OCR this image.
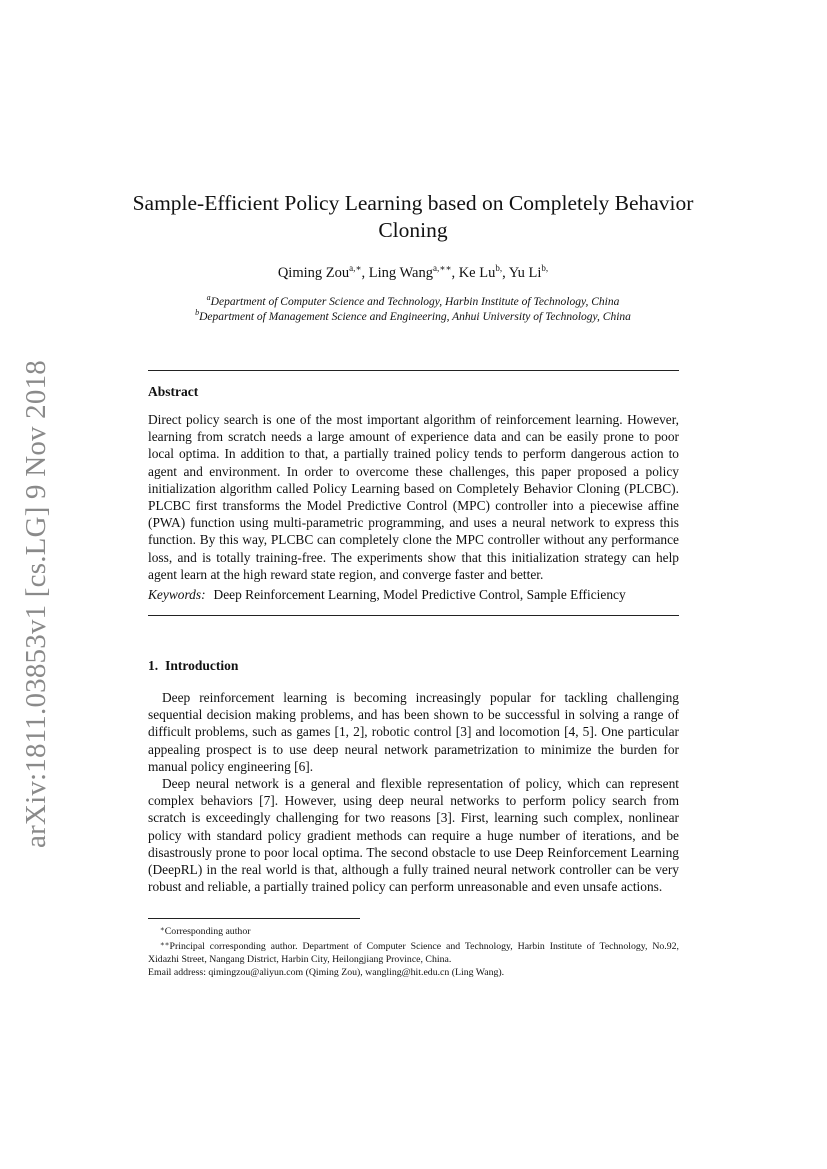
arXiv:1811.03853v1 [cs.LG] 9 Nov 2018
Sample-Efficient Policy Learning based on Completely Behavior Cloning
Qiming Zou$^{a,∗}$, Ling Wang$^{a,∗∗}$, Ke $Lu^{b,}$, Yu $Li^{b,}$
$^a$Department of Computer Science and Technology, Harbin Institute of Technology, China
$^b$Department of Management Science and Engineering, Anhui University of Technology, China
Abstract
Direct policy search is one of the most important algorithm of reinforcement learning. However, learning from scratch needs a large amount of experience data and can be easily prone to poor local optima. In addition to that, a partially trained policy tends to perform dangerous action to agent and environment. In order to overcome these challenges, this paper proposed a policy initialization algorithm called Policy Learning based on Completely Behavior Cloning (PLCBC). PLCBC first transforms the Model Predictive Control (MPC) controller into a piecewise affine (PWA) function using multi-parametric programming, and uses a neural network to express this function. By this way, PLCBC can completely clone the MPC controller without any performance loss, and is totally training-free. The experiments show that this initialization strategy can help agent learn at the high reward state region, and converge faster and better.
Keywords: Deep Reinforcement Learning, Model Predictive Control, Sample Efficiency
1. Introduction
Deep reinforcement learning is becoming increasingly popular for tackling challenging sequential decision making problems, and has been shown to be successful in solving a range of difficult problems, such as games [1, 2], robotic control [3] and locomotion [4, 5]. One particular appealing prospect is to use deep neural network parametrization to minimize the burden for manual policy engineering [6].
Deep neural network is a general and flexible representation of policy, which can represent complex behaviors [7]. However, using deep neural networks to perform policy search from scratch is exceedingly challenging for two reasons [3]. First, learning such complex, nonlinear policy with standard policy gradient methods can require a huge number of iterations, and be disastrously prone to poor local optima. The second obstacle to use Deep Reinforcement Learning (DeepRL) in the real world is that, although a fully trained neural network controller can be very robust and reliable, a partially trained policy can perform unreasonable and even unsafe actions.

∗Corresponding author

∗∗Principal corresponding author. Department of Computer Science and Technology, Harbin Institute of Technology, No.92, Xidazhi Street, Nangang District, Harbin City, Heilongjiang Province, China.

Email address: qimingzou@aliyun.com (Qiming Zou), wangling@hit.edu.cn (Ling Wang).
